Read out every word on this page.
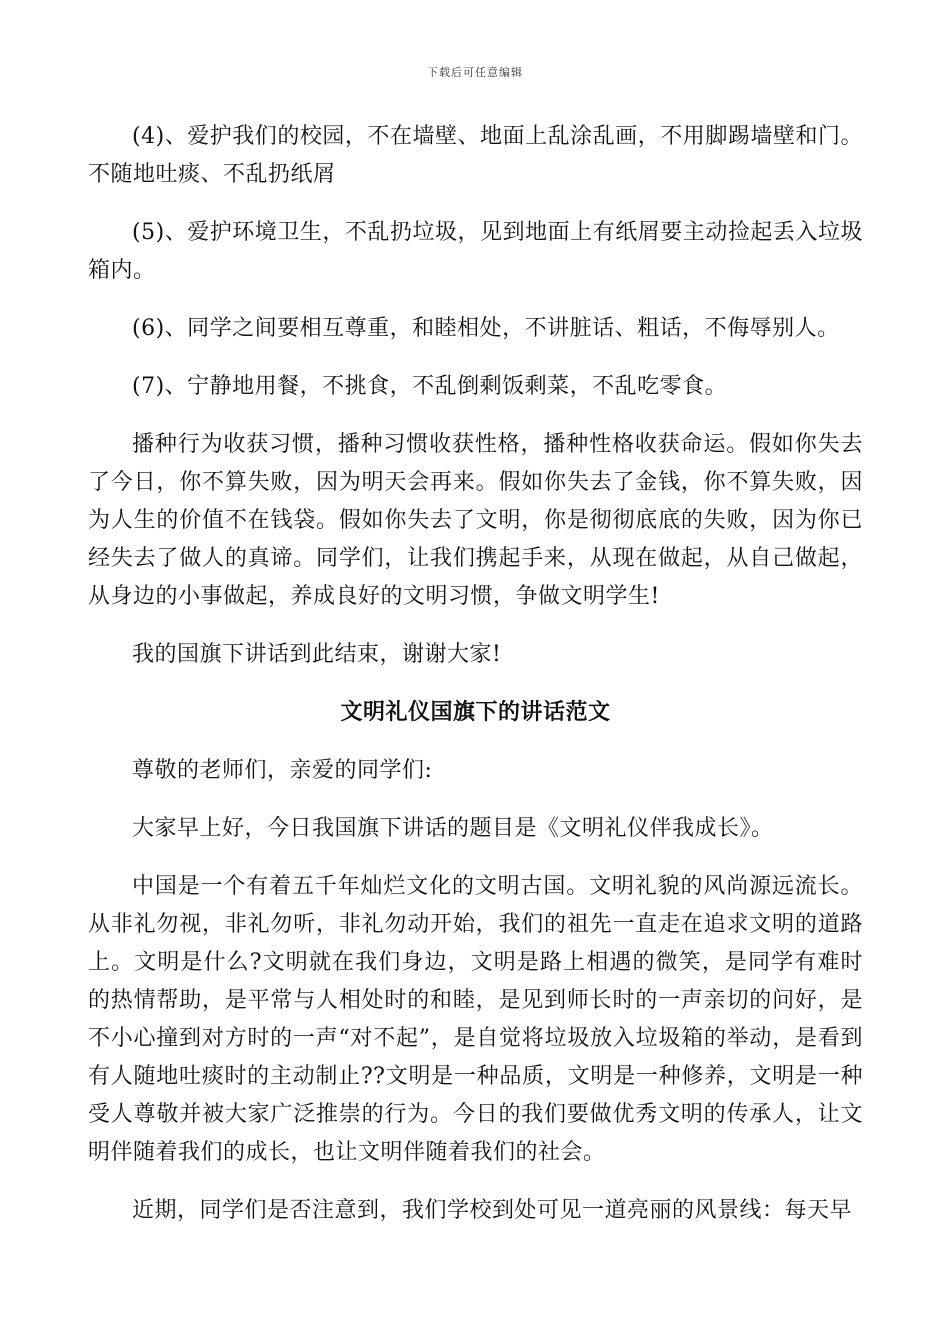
下载后可任意编辑

(4)、爱护我们的校园，不在墙壁、地面上乱涂乱画，不用脚踢墙壁和门。不随地吐痰、不乱扔纸屑

(5)、爱护环境卫生，不乱扔垃圾，见到地面上有纸屑要主动捡起丢入垃圾箱内。

(6)、同学之间要相互尊重，和睦相处，不讲脏话、粗话，不侮辱别人。

(7)、宁静地用餐，不挑食，不乱倒剩饭剩菜，不乱吃零食。

播种行为收获习惯，播种习惯收获性格，播种性格收获命运。假如你失去了今日，你不算失败，因为明天会再来。假如你失去了金钱，你不算失败，因为人生的价值不在钱袋。假如你失去了文明，你是彻彻底底的失败，因为你已经失去了做人的真谛。同学们，让我们携起手来，从现在做起，从自己做起，从身边的小事做起，养成良好的文明习惯，争做文明学生!

我的国旗下讲话到此结束，谢谢大家!

文明礼仪国旗下的讲话范文

尊敬的老师们，亲爱的同学们:

大家早上好，今日我国旗下讲话的题目是《文明礼仪伴我成长》。

中国是一个有着五千年灿烂文化的文明古国。文明礼貌的风尚源远流长。从非礼勿视，非礼勿听，非礼勿动开始，我们的祖先一直走在追求文明的道路上。文明是什么?文明就在我们身边，文明是路上相遇的微笑，是同学有难时的热情帮助，是平常与人相处时的和睦，是见到师长时的一声亲切的问好，是不小心撞到对方时的一声“对不起”，是自觉将垃圾放入垃圾箱的举动，是看到有人随地吐痰时的主动制止??文明是一种品质，文明是一种修养，文明是一种受人尊敬并被大家广泛推崇的行为。今日的我们要做优秀文明的传承人，让文明伴随着我们的成长，也让文明伴随着我们的社会。

近期，同学们是否注意到，我们学校到处可见一道亮丽的风景线：每天早
